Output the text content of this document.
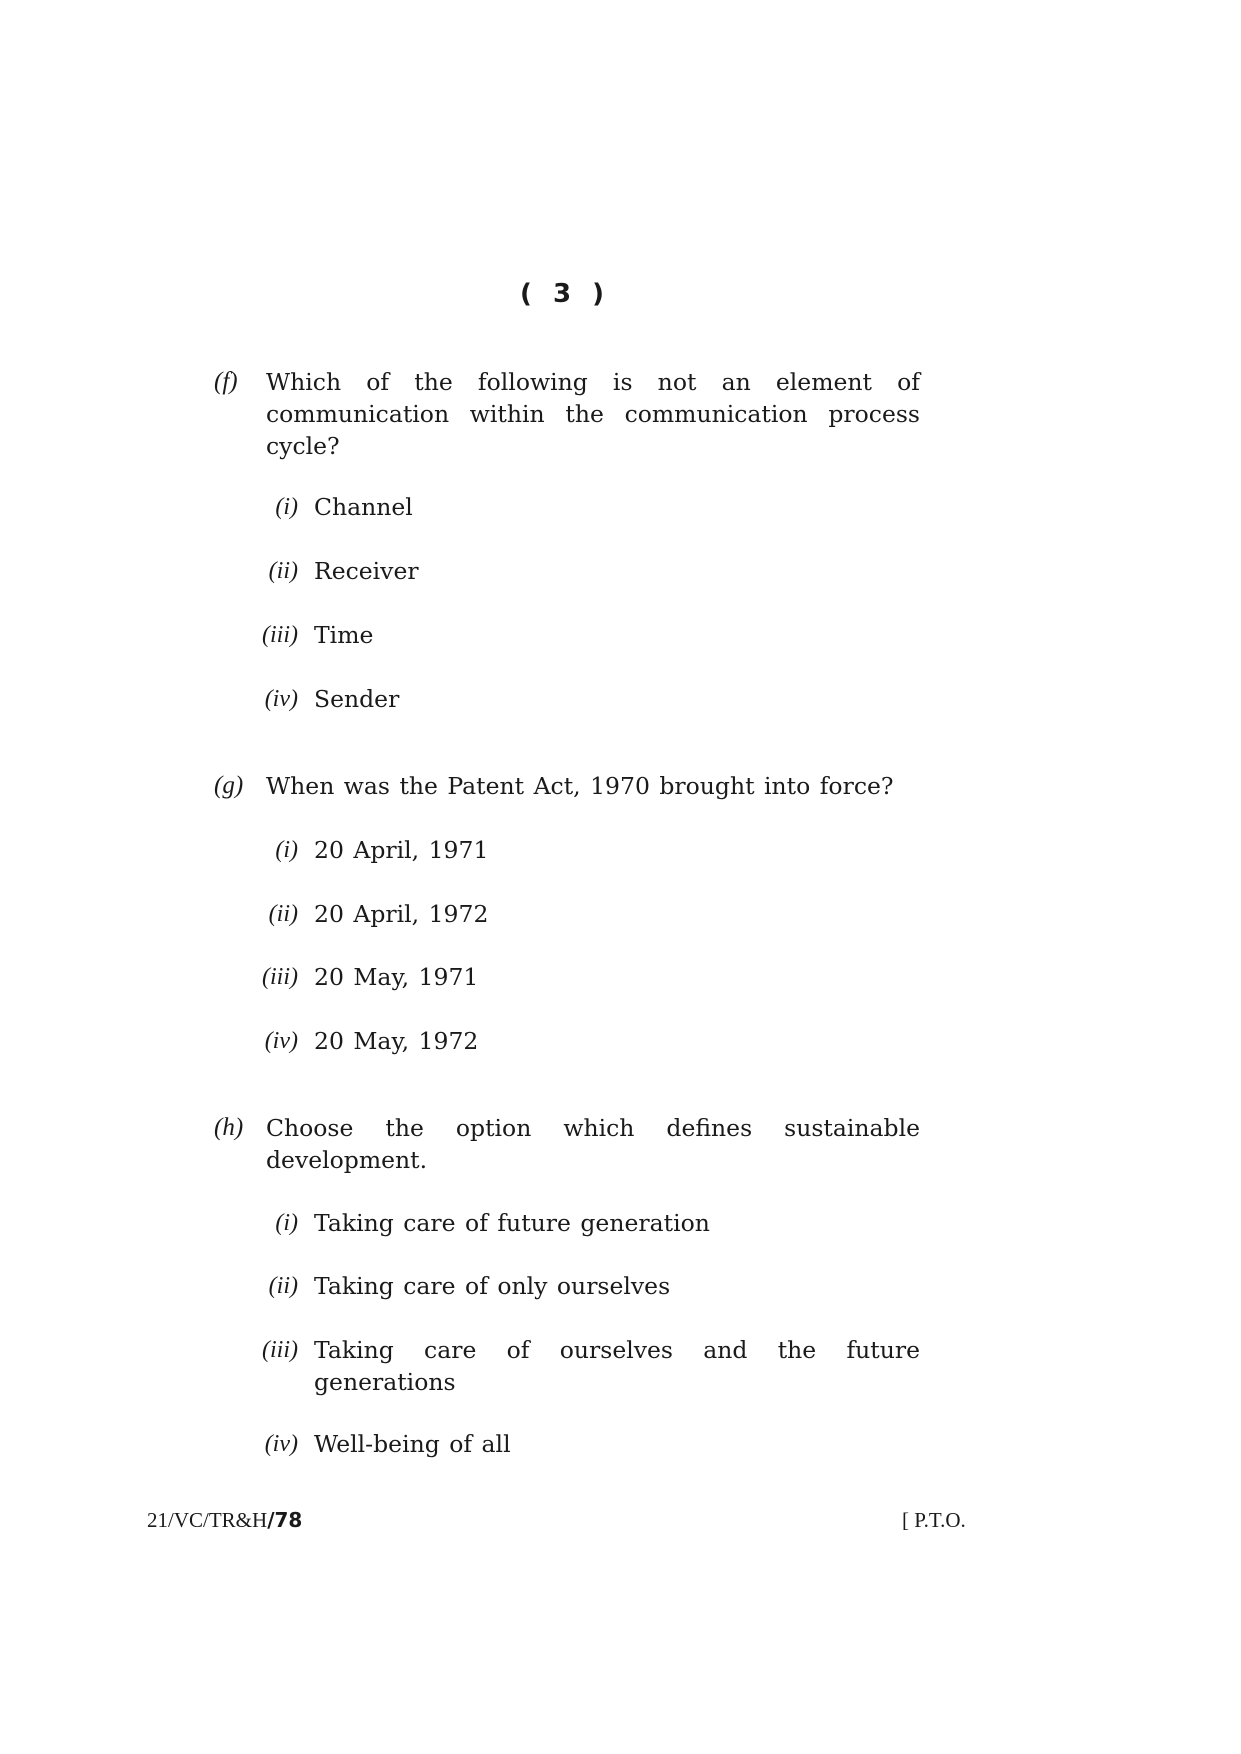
( 3 )
(f) Which of the following is not an element of communication within the communication process cycle?
(i) Channel
(ii) Receiver
(iii) Time
(iv) Sender
(g) When was the Patent Act, 1970 brought into force?
(i) 20 April, 1971
(ii) 20 April, 1972
(iii) 20 May, 1971
(iv) 20 May, 1972
(h) Choose the option which defines sustainable development.
(i) Taking care of future generation
(ii) Taking care of only ourselves
(iii) Taking care of ourselves and the future generations
(iv) Well-being of all
21/VC/TR&H/78	[ P.T.O.
